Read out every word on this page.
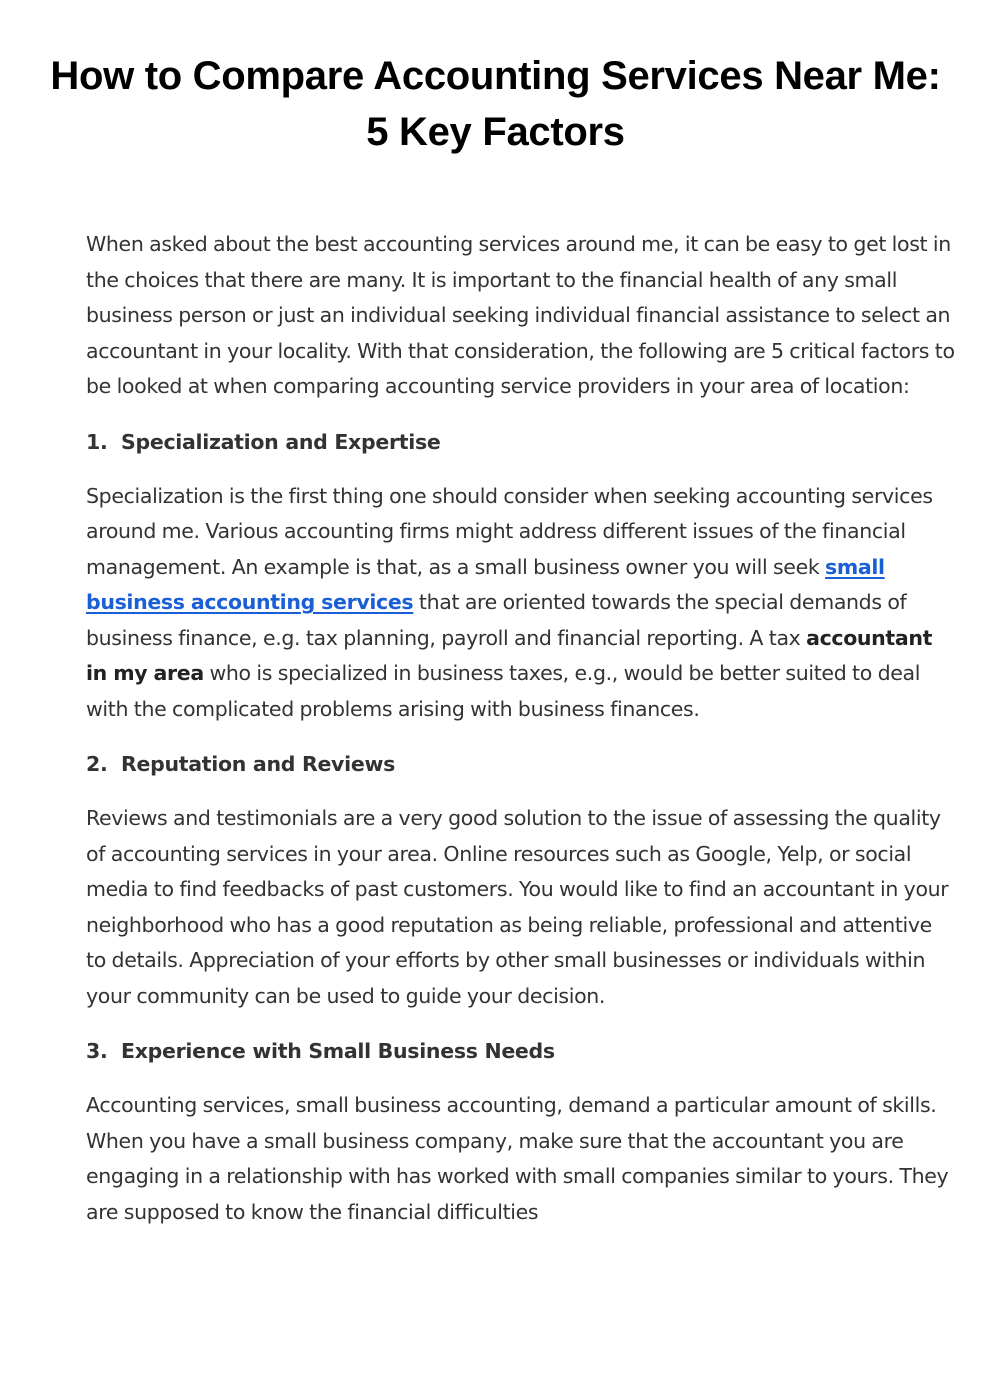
How to Compare Accounting Services Near Me: 5 Key Factors

When asked about the best accounting services around me, it can be easy to get lost in the choices that there are many. It is important to the financial health of any small business person or just an individual seeking individual financial assistance to select an accountant in your locality. With that consideration, the following are 5 critical factors to be looked at when comparing accounting service providers in your area of location:

1. Specialization and Expertise

Specialization is the first thing one should consider when seeking accounting services around me. Various accounting firms might address different issues of the financial management. An example is that, as a small business owner you will seek small business accounting services that are oriented towards the special demands of business finance, e.g. tax planning, payroll and financial reporting. A tax accountant in my area who is specialized in business taxes, e.g., would be better suited to deal with the complicated problems arising with business finances.

2. Reputation and Reviews

Reviews and testimonials are a very good solution to the issue of assessing the quality of accounting services in your area. Online resources such as Google, Yelp, or social media to find feedbacks of past customers. You would like to find an accountant in your neighborhood who has a good reputation as being reliable, professional and attentive to details. Appreciation of your efforts by other small businesses or individuals within your community can be used to guide your decision.

3. Experience with Small Business Needs

Accounting services, small business accounting, demand a particular amount of skills. When you have a small business company, make sure that the accountant you are engaging in a relationship with has worked with small companies similar to yours. They are supposed to know the financial difficulties
